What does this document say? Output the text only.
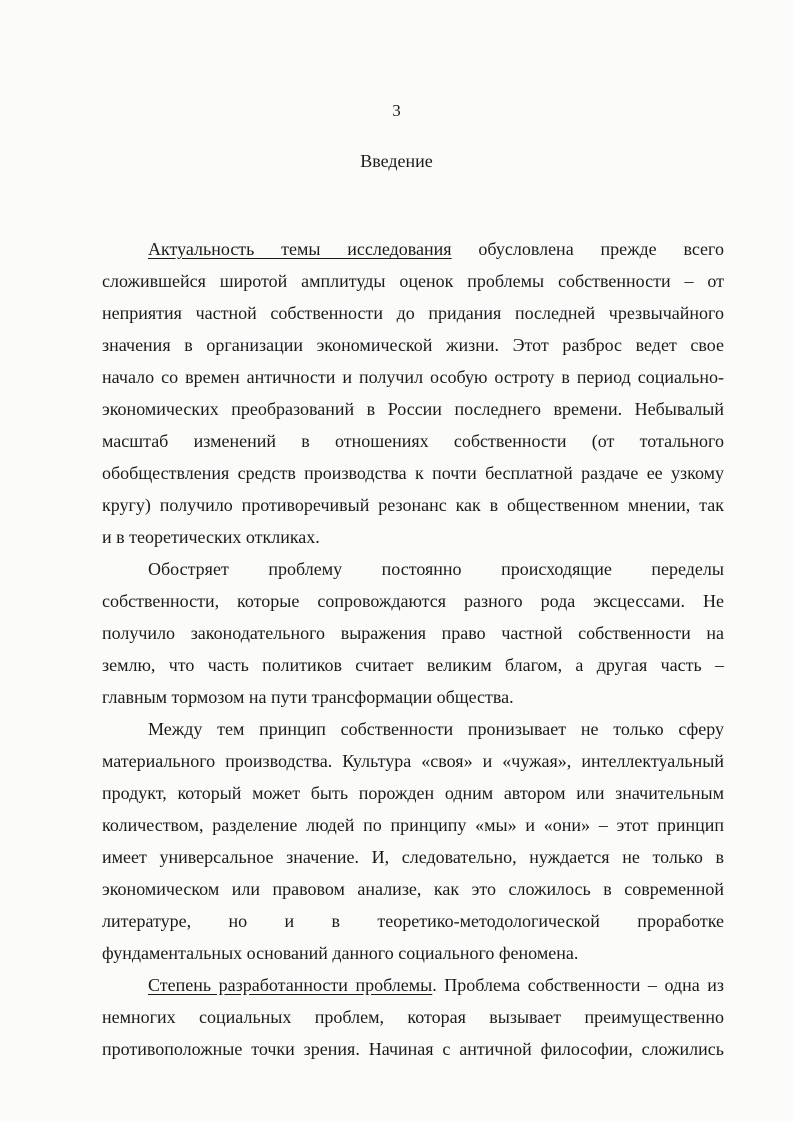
3
Введение
Актуальность темы исследования обусловлена прежде всего
сложившейся широтой амплитуды оценок проблемы собственности – от
неприятия частной собственности до придания последней чрезвычайного
значения в организации экономической жизни. Этот разброс ведет свое
начало со времен античности и получил особую остроту в период социально-
экономических преобразований в России последнего времени. Небывалый
масштаб изменений в отношениях собственности (от тотального
обобществления средств производства к почти бесплатной раздаче ее узкому
кругу) получило противоречивый резонанс как в общественном мнении, так
и в теоретических откликах.
Обостряет проблему постоянно происходящие переделы
собственности, которые сопровождаются разного рода эксцессами. Не
получило законодательного выражения право частной собственности на
землю, что часть политиков считает великим благом, а другая часть –
главным тормозом на пути трансформации общества.
Между тем принцип собственности пронизывает не только сферу
материального производства. Культура «своя» и «чужая», интеллектуальный
продукт, который может быть порожден одним автором или значительным
количеством, разделение людей по принципу «мы» и «они» – этот принцип
имеет универсальное значение. И, следовательно, нуждается не только в
экономическом или правовом анализе, как это сложилось в современной
литературе, но и в теоретико-методологической проработке
фундаментальных оснований данного социального феномена.
Степень разработанности проблемы. Проблема собственности – одна из
немногих социальных проблем, которая вызывает преимущественно
противоположные точки зрения. Начиная с античной философии, сложились
